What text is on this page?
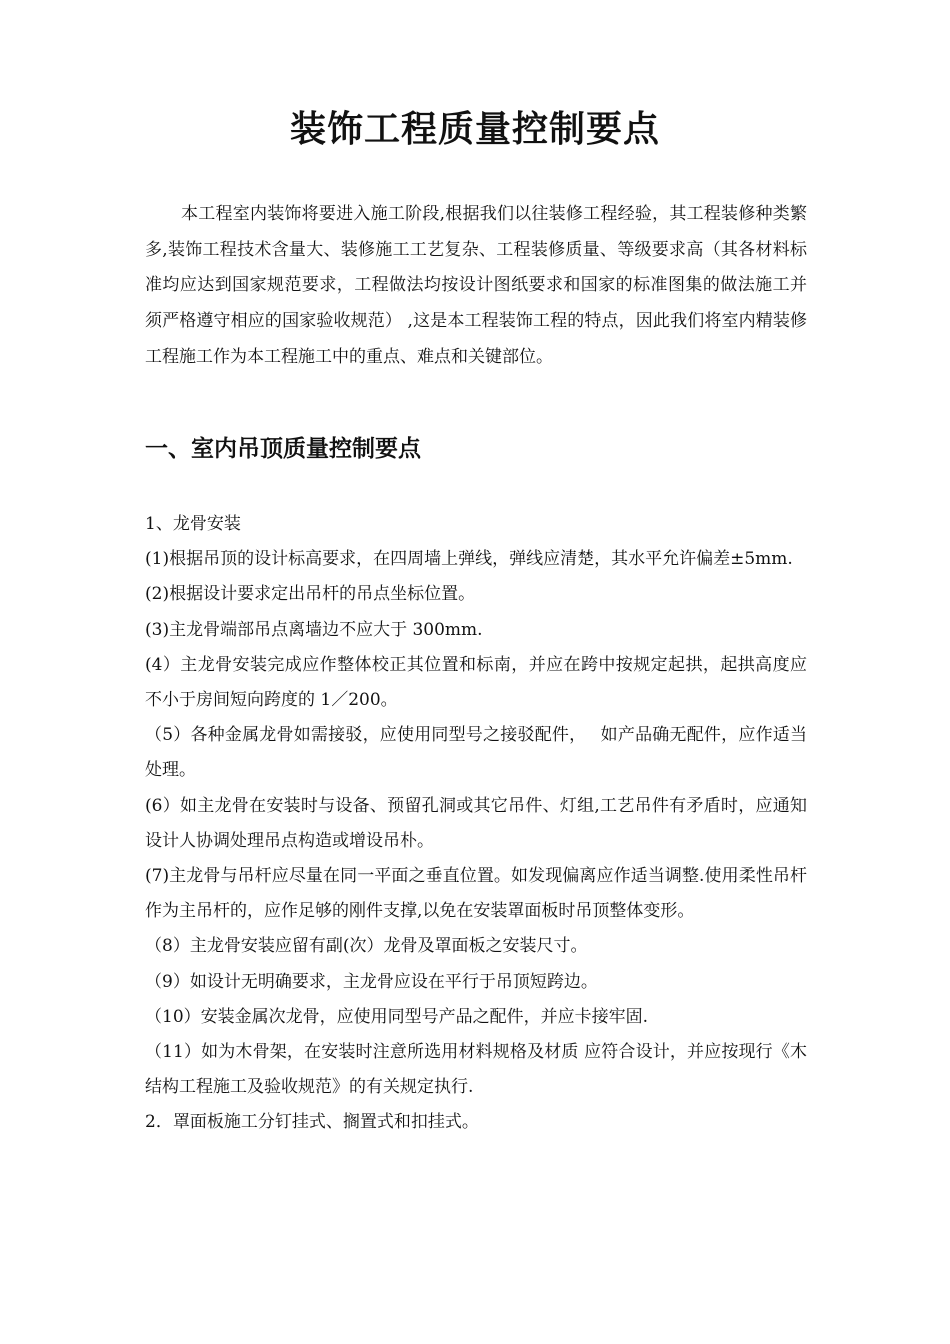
装饰工程质量控制要点

本工程室内装饰将要进入施工阶段,根据我们以往装修工程经验，其工程装修种类繁多,装饰工程技术含量大、装修施工工艺复杂、工程装修质量、等级要求高（其各材料标准均应达到国家规范要求，工程做法均按设计图纸要求和国家的标准图集的做法施工并须严格遵守相应的国家验收规范） ,这是本工程装饰工程的特点，因此我们将室内精装修工程施工作为本工程施工中的重点、难点和关键部位。

一、室内吊顶质量控制要点
1、龙骨安装
(1)根据吊顶的设计标高要求，在四周墙上弹线，弹线应清楚，其水平允许偏差±5mm.
(2)根据设计要求定出吊杆的吊点坐标位置。
(3)主龙骨端部吊点离墙边不应大于 300mm.
(4）主龙骨安装完成应作整体校正其位置和标南，并应在跨中按规定起拱，起拱高度应不小于房间短向跨度的 1／200。
（5）各种金属龙骨如需接驳，应使用同型号之接驳配件，　 如产品确无配件，应作适当处理。
(6）如主龙骨在安装时与设备、预留孔洞或其它吊件、灯组,工艺吊件有矛盾时，应通知设计人协调处理吊点构造或增设吊朴。
(7)主龙骨与吊杆应尽量在同一平面之垂直位置。如发现偏离应作适当调整.使用柔性吊杆作为主吊杆的，应作足够的刚件支撑,以免在安装罩面板时吊顶整体变形。
（8）主龙骨安装应留有副(次）龙骨及罩面板之安装尺寸。
（9）如设计无明确要求，主龙骨应设在平行于吊顶短跨边。
（10）安装金属次龙骨，应使用同型号产品之配件，并应卡接牢固.
（11）如为木骨架，在安装时注意所选用材料规格及材质 应符合设计，并应按现行《木结构工程施工及验收规范》的有关规定执行.
2．罩面板施工分钉挂式、搁置式和扣挂式。
